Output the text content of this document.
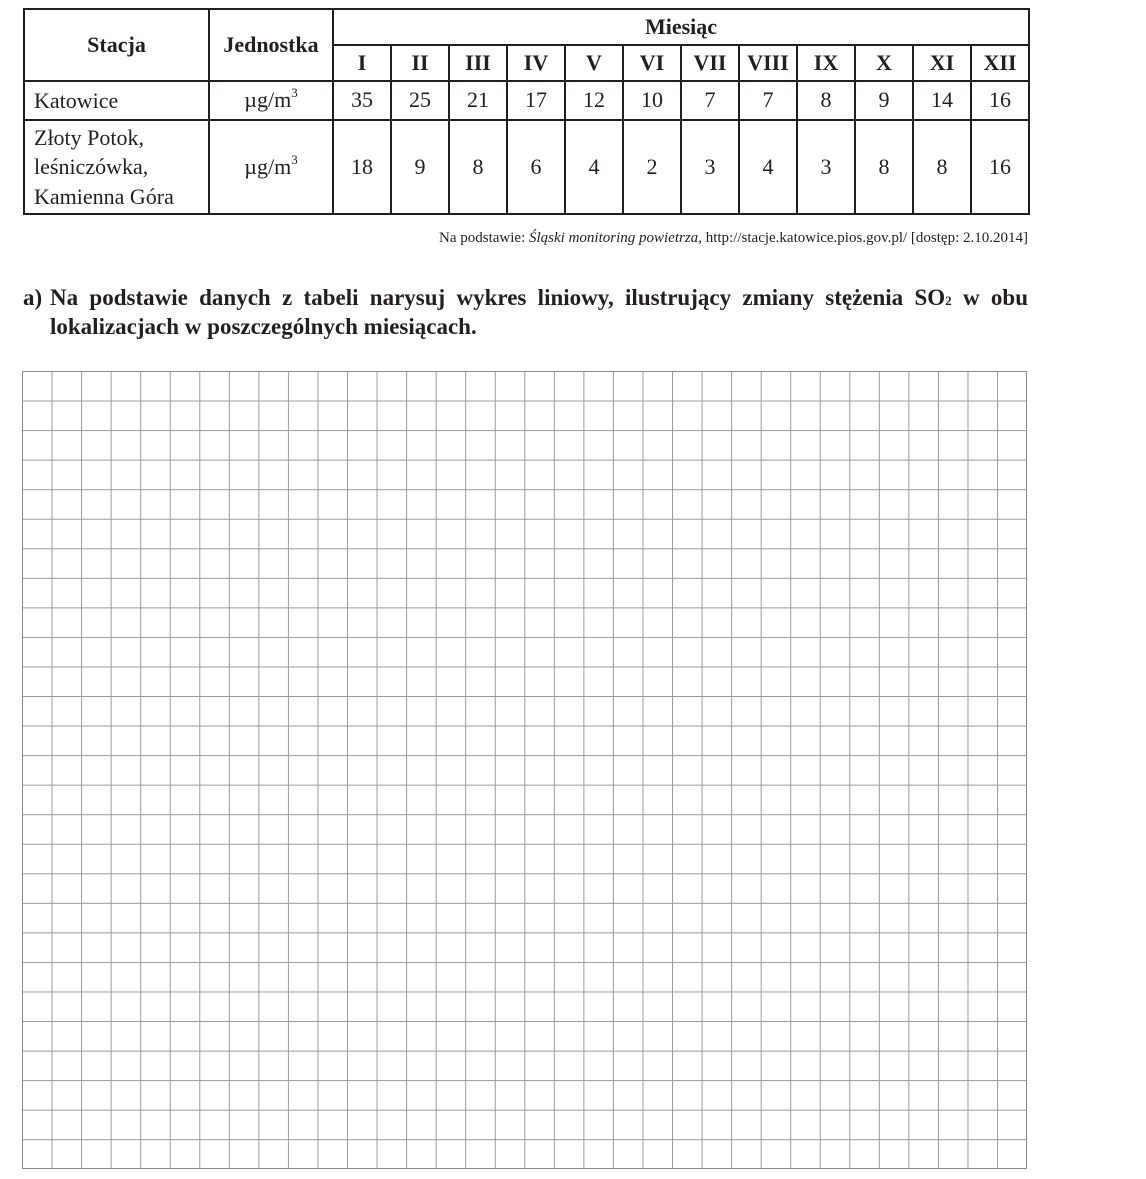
Stacja	Jednostka	Miesiąc											
		I	II	III	IV	V	VI	VII	VIII	IX	X	XI	XII
Katowice	$\mu g/m^3$	35	25	21	17	12	10	7	7	8	9	14	16
Złoty Potok,
leśniczówka,
Kamienna Góra	$\mu g/m^3$	18	9	8	6	4	2	3	4	3	8	8	16
Na podstawie: Śląski monitoring powietrza, http://stacje.katowice.pios.gov.pl/ [dostęp: 2.10.2014]
a) Na podstawie danych z tabeli narysuj wykres liniowy, ilustrujący zmiany stężenia $SO_2$ w obu lokalizacjach w poszczególnych miesiącach.
